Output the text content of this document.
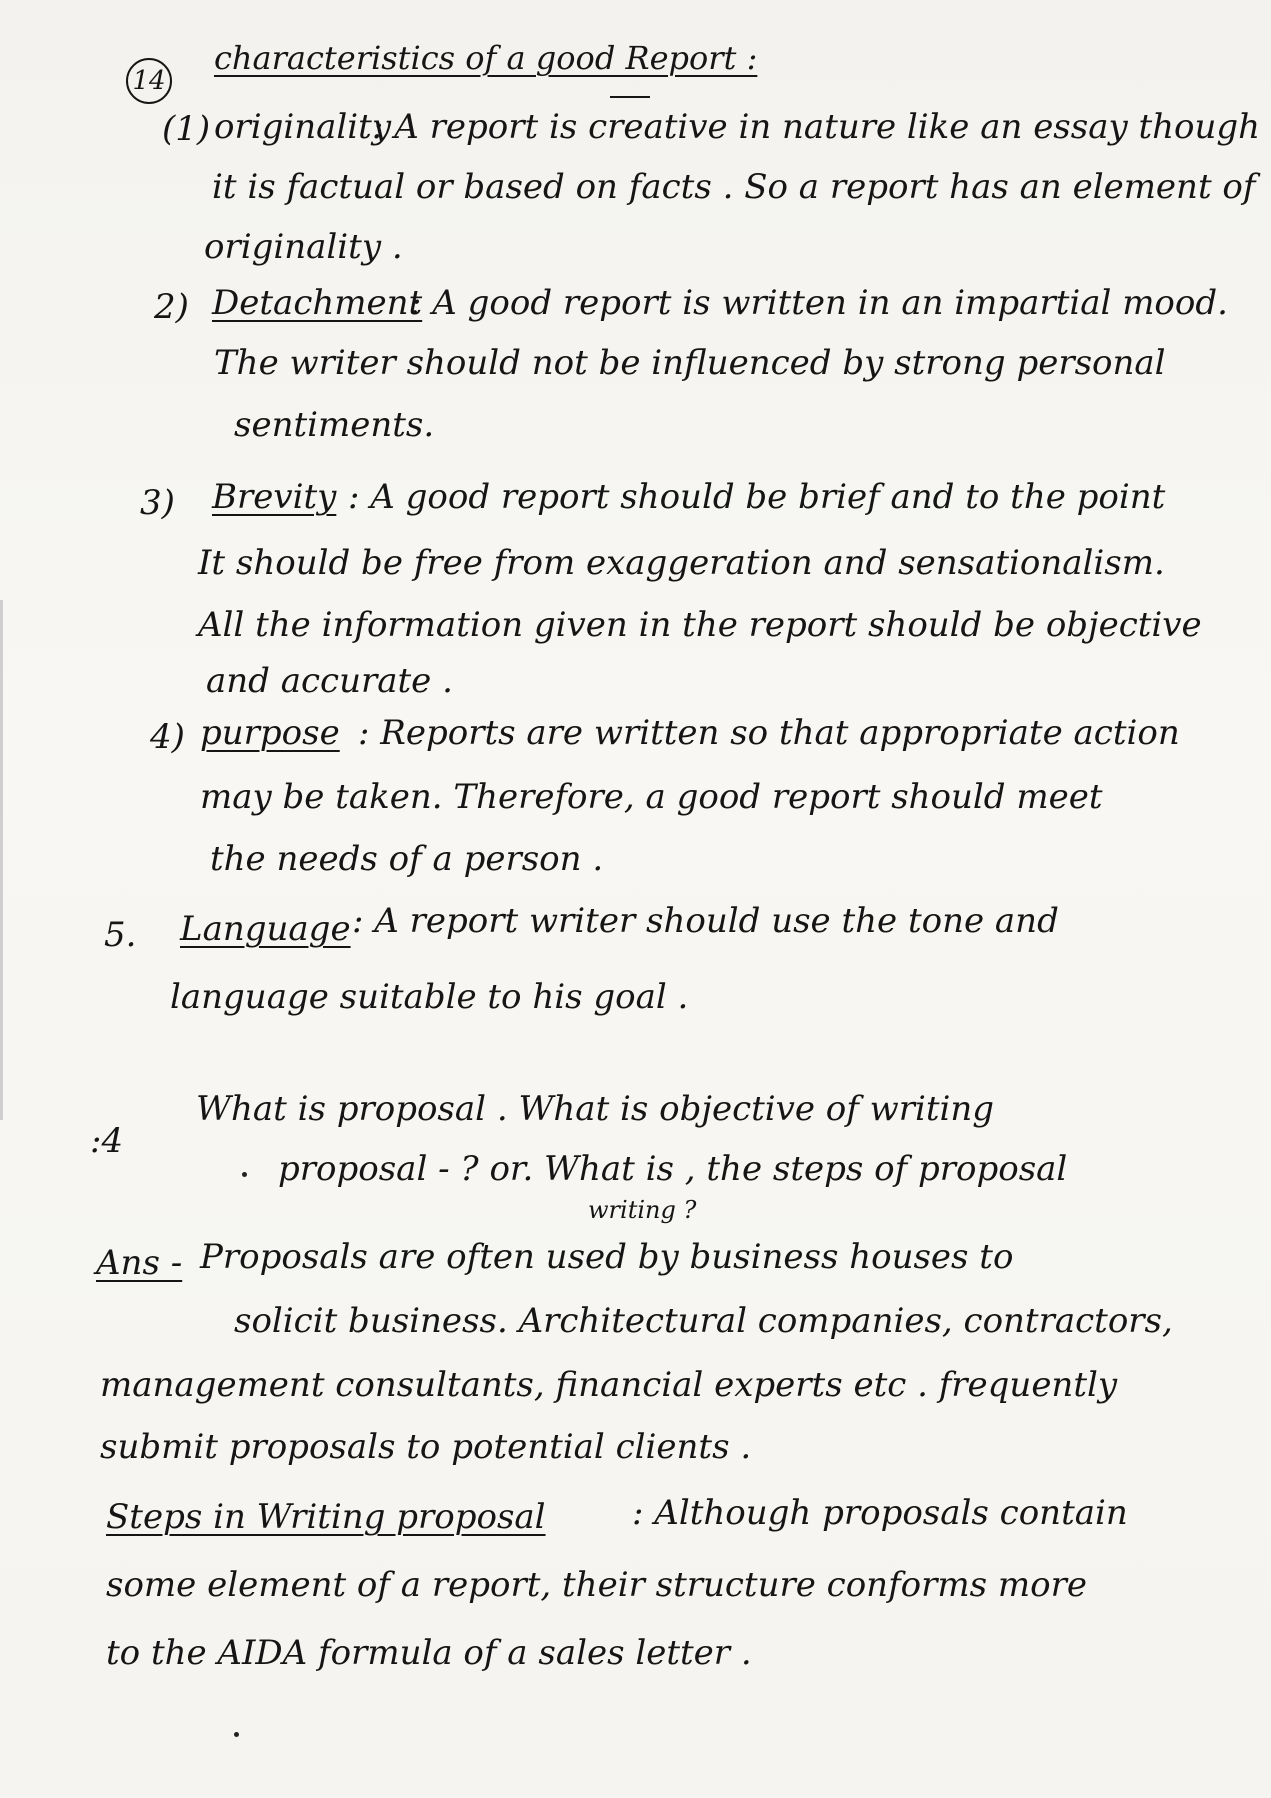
14
characteristics of a good Report :
(1) originality
: A report is creative in nature like an essay though
it is factual or based on facts . So a report has an element of
originality .
2) Detachment
: A good report is written in an impartial mood.
The writer should not be influenced by strong personal
sentiments.
3) Brevity : A good report should be brief and to the point
It should be free from exaggeration and sensationalism.
All the information given in the report should be objective
and accurate .
4) purpose : Reports are written so that appropriate action
may be taken. Therefore, a good report should meet
the needs of a person .
5. Language : A report writer should use the tone and
language suitable to his goal .
:4
What is proposal . What is objective of writing
proposal - ? or. What is , the steps of proposal
writing ?
Ans - Proposals are often used by business houses to
solicit business. Architectural companies, contractors,
management consultants, financial experts etc . frequently
submit proposals to potential clients .
Steps in Writing proposal	: Although proposals contain
some element of a report, their structure conforms more
to the AIDA formula of a sales letter .
